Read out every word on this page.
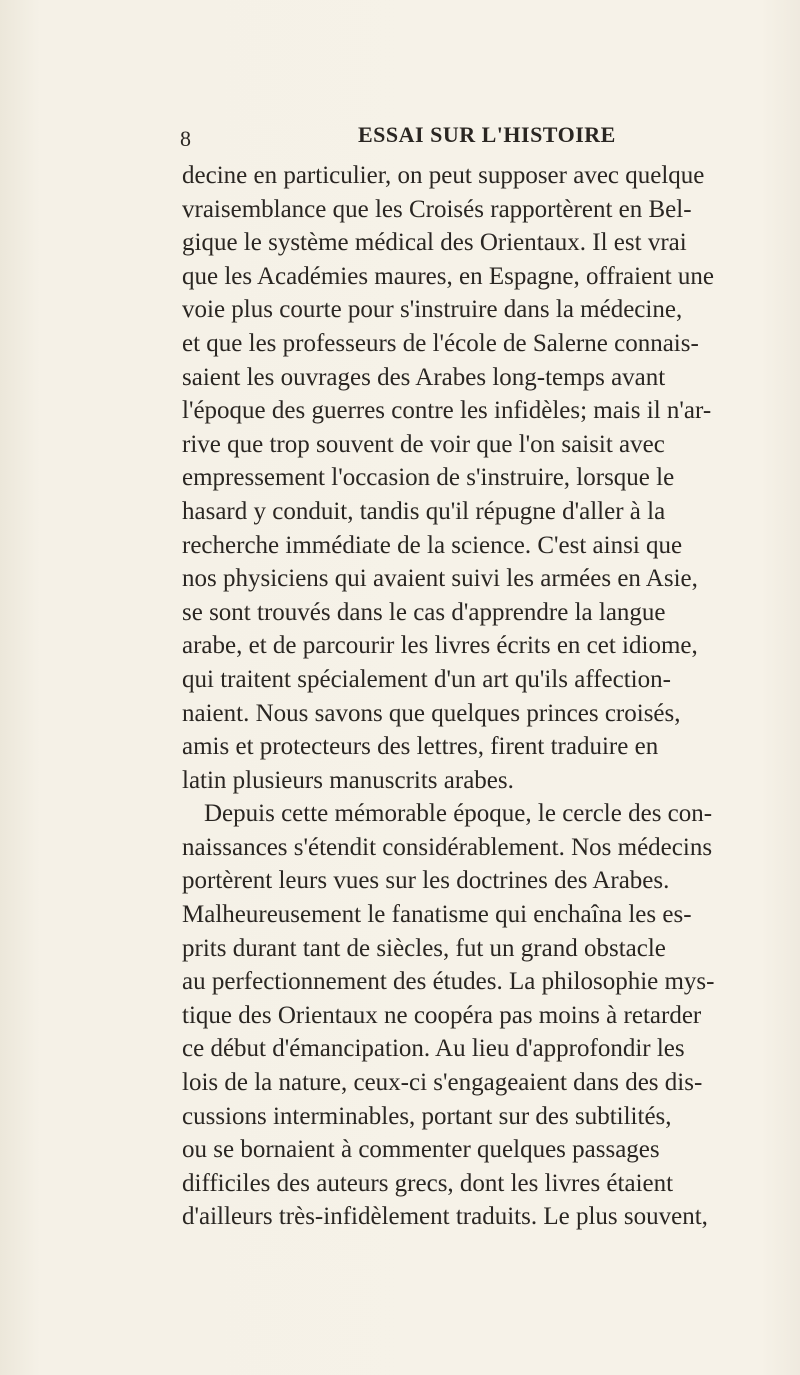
8	ESSAI SUR L'HISTOIRE
decine en particulier, on peut supposer avec quelque
vraisemblance que les Croisés rapportèrent en Bel-
gique le système médical des Orientaux. Il est vrai
que les Académies maures, en Espagne, offraient une
voie plus courte pour s'instruire dans la médecine,
et que les professeurs de l'école de Salerne connais-
saient les ouvrages des Arabes long-temps avant
l'époque des guerres contre les infidèles; mais il n'ar-
rive que trop souvent de voir que l'on saisit avec
empressement l'occasion de s'instruire, lorsque le
hasard y conduit, tandis qu'il répugne d'aller à la
recherche immédiate de la science. C'est ainsi que
nos physiciens qui avaient suivi les armées en Asie,
se sont trouvés dans le cas d'apprendre la langue
arabe, et de parcourir les livres écrits en cet idiome,
qui traitent spécialement d'un art qu'ils affection-
naient. Nous savons que quelques princes croisés,
amis et protecteurs des lettres, firent traduire en
latin plusieurs manuscrits arabes.
Depuis cette mémorable époque, le cercle des con-
naissances s'étendit considérablement. Nos médecins
portèrent leurs vues sur les doctrines des Arabes.
Malheureusement le fanatisme qui enchaîna les es-
prits durant tant de siècles, fut un grand obstacle
au perfectionnement des études. La philosophie mys-
tique des Orientaux ne coopéra pas moins à retarder
ce début d'émancipation. Au lieu d'approfondir les
lois de la nature, ceux-ci s'engageaient dans des dis-
cussions interminables, portant sur des subtilités,
ou se bornaient à commenter quelques passages
difficiles des auteurs grecs, dont les livres étaient
d'ailleurs très-infidèlement traduits. Le plus souvent,
